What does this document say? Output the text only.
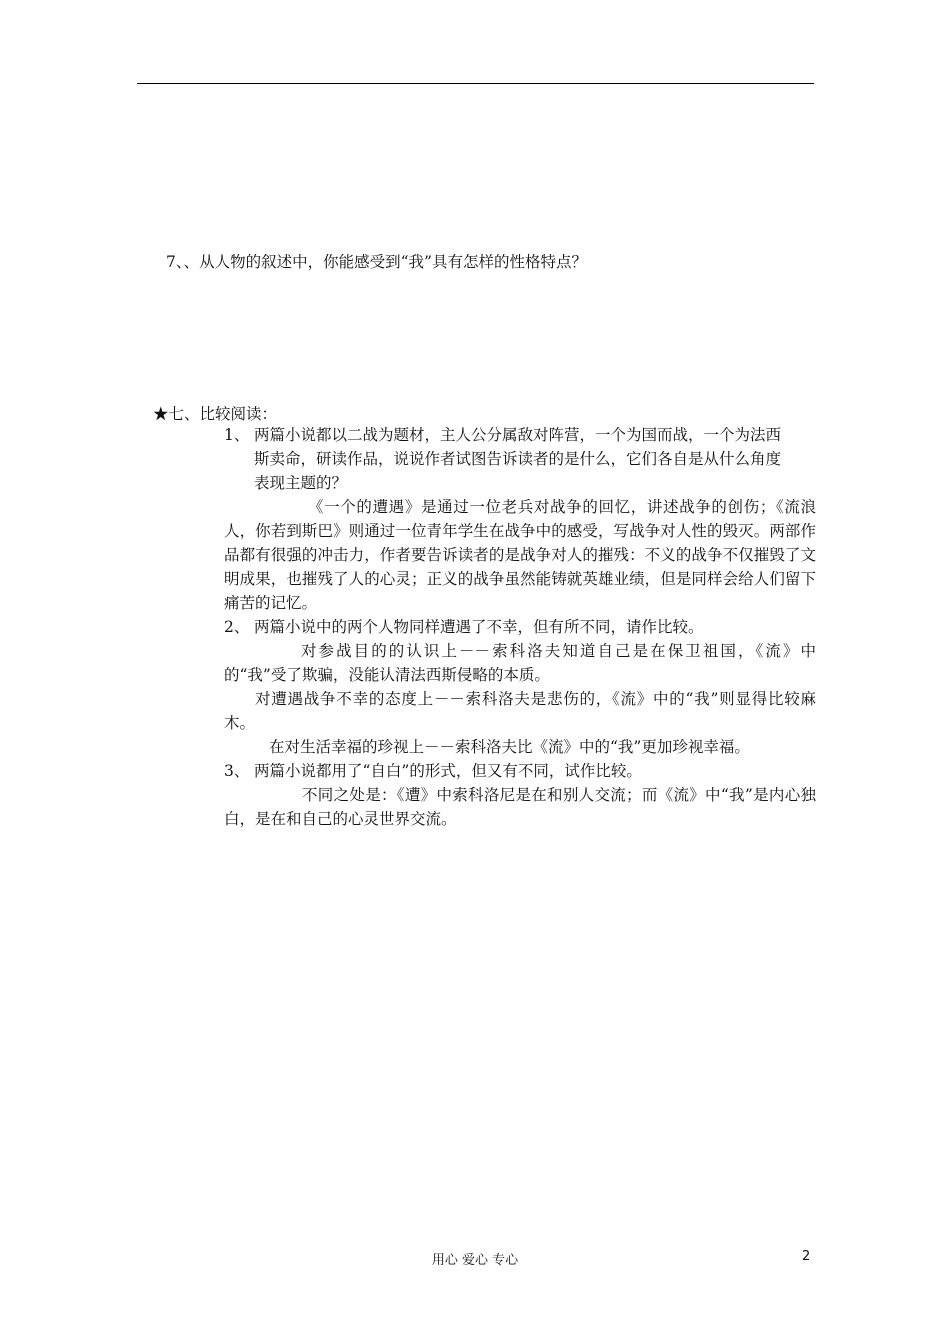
7、、从人物的叙述中，你能感受到“我”具有怎样的性格特点？
★七、比较阅读：
1、 两篇小说都以二战为题材，主人公分属敌对阵营，一个为国而战，一个为法西
斯卖命，研读作品，说说作者试图告诉读者的是什么，它们各自是从什么角度
表现主题的？
《一个的遭遇》是通过一位老兵对战争的回忆，讲述战争的创伤；《流浪人，你若到斯巴》则通过一位青年学生在战争中的感受，写战争对人性的毁灭。两部作品都有很强的冲击力，作者要告诉读者的是战争对人的摧残：不义的战争不仅摧毁了文明成果，也摧残了人的心灵；正义的战争虽然能铸就英雄业绩，但是同样会给人们留下痛苦的记忆。
2、 两篇小说中的两个人物同样遭遇了不幸，但有所不同，请作比较。
对参战目的的认识上－－索科洛夫知道自己是在保卫祖国，《流》中的“我”受了欺骗，没能认清法西斯侵略的本质。
对遭遇战争不幸的态度上－－索科洛夫是悲伤的，《流》中的“我”则显得比较麻木。
在对生活幸福的珍视上－－索科洛夫比《流》中的“我”更加珍视幸福。
3、 两篇小说都用了“自白”的形式，但又有不同，试作比较。
不同之处是：《遭》中索科洛尼是在和别人交流；而《流》中“我”是内心独白，是在和自己的心灵世界交流。
用心 爱心 专心	2
